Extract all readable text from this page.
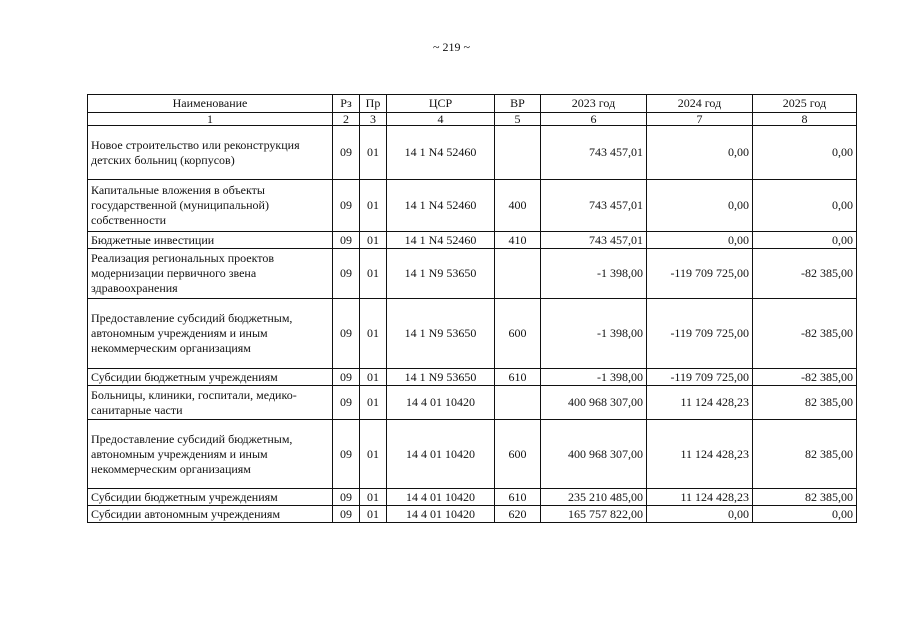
~ 219 ~
Наименование	Рз	Пр	ЦСР	ВР	2023 год	2024 год	2025 год
1	2	3	4	5	6	7	8
Новое строительство или реконструкция детских больниц (корпусов)	09	01	14 1 N4 52460		743 457,01	0,00	0,00
Капитальные вложения в объекты государственной (муниципальной) собственности	09	01	14 1 N4 52460	400	743 457,01	0,00	0,00
Бюджетные инвестиции	09	01	14 1 N4 52460	410	743 457,01	0,00	0,00
Реализация региональных проектов модернизации первичного звена здравоохранения	09	01	14 1 N9 53650		-1 398,00	-119 709 725,00	-82 385,00
Предоставление субсидий бюджетным, автономным учреждениям и иным некоммерческим организациям	09	01	14 1 N9 53650	600	-1 398,00	-119 709 725,00	-82 385,00
Субсидии бюджетным учреждениям	09	01	14 1 N9 53650	610	-1 398,00	-119 709 725,00	-82 385,00
Больницы, клиники, госпитали, медико-санитарные части	09	01	14 4 01 10420		400 968 307,00	11 124 428,23	82 385,00
Предоставление субсидий бюджетным, автономным учреждениям и иным некоммерческим организациям	09	01	14 4 01 10420	600	400 968 307,00	11 124 428,23	82 385,00
Субсидии бюджетным учреждениям	09	01	14 4 01 10420	610	235 210 485,00	11 124 428,23	82 385,00
Субсидии автономным учреждениям	09	01	14 4 01 10420	620	165 757 822,00	0,00	0,00
